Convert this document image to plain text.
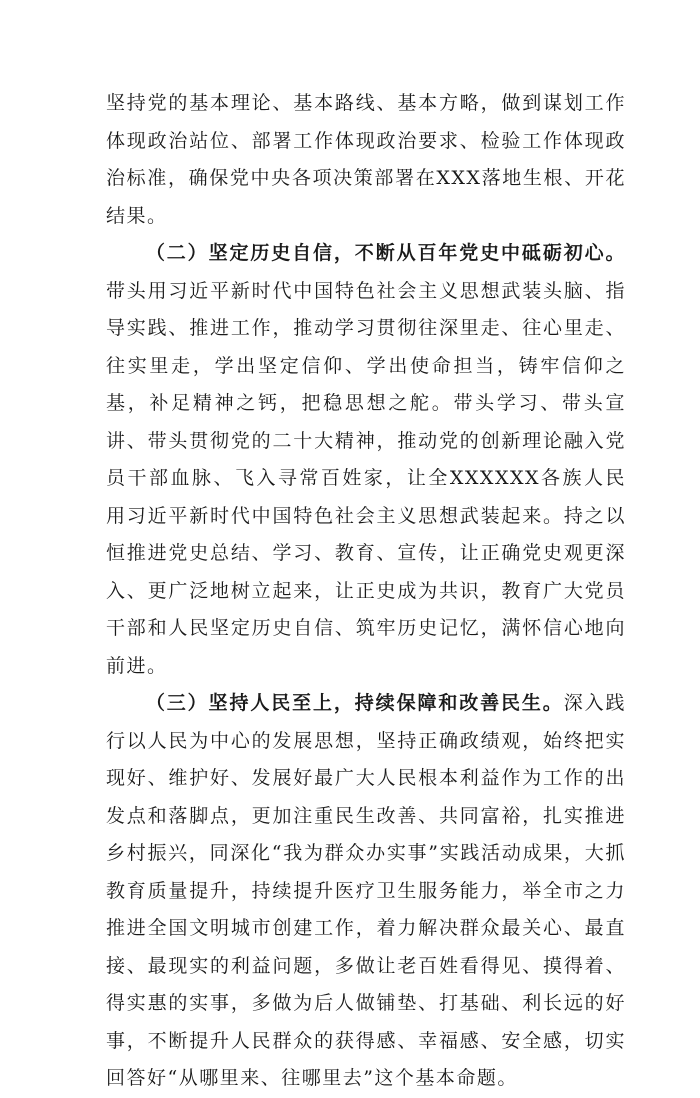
坚持党的基本理论、基本路线、基本方略，做到谋划工作体现政治站位、部署工作体现政治要求、检验工作体现政治标准，确保党中央各项决策部署在XXX落地生根、开花结果。

（二）坚定历史自信，不断从百年党史中砥砺初心。带头用习近平新时代中国特色社会主义思想武装头脑、指导实践、推进工作，推动学习贯彻往深里走、往心里走、往实里走，学出坚定信仰、学出使命担当，铸牢信仰之基，补足精神之钙，把稳思想之舵。带头学习、带头宣讲、带头贯彻党的二十大精神，推动党的创新理论融入党员干部血脉、飞入寻常百姓家，让全XXXXXX各族人民用习近平新时代中国特色社会主义思想武装起来。持之以恒推进党史总结、学习、教育、宣传，让正确党史观更深入、更广泛地树立起来，让正史成为共识，教育广大党员干部和人民坚定历史自信、筑牢历史记忆，满怀信心地向前进。

（三）坚持人民至上，持续保障和改善民生。深入践行以人民为中心的发展思想，坚持正确政绩观，始终把实现好、维护好、发展好最广大人民根本利益作为工作的出发点和落脚点，更加注重民生改善、共同富裕，扎实推进乡村振兴，同深化“我为群众办实事”实践活动成果，大抓教育质量提升，持续提升医疗卫生服务能力，举全市之力推进全国文明城市创建工作，着力解决群众最关心、最直接、最现实的利益问题，多做让老百姓看得见、摸得着、得实惠的实事，多做为后人做铺垫、打基础、利长远的好事，不断提升人民群众的获得感、幸福感、安全感，切实回答好“从哪里来、往哪里去”这个基本命题。
